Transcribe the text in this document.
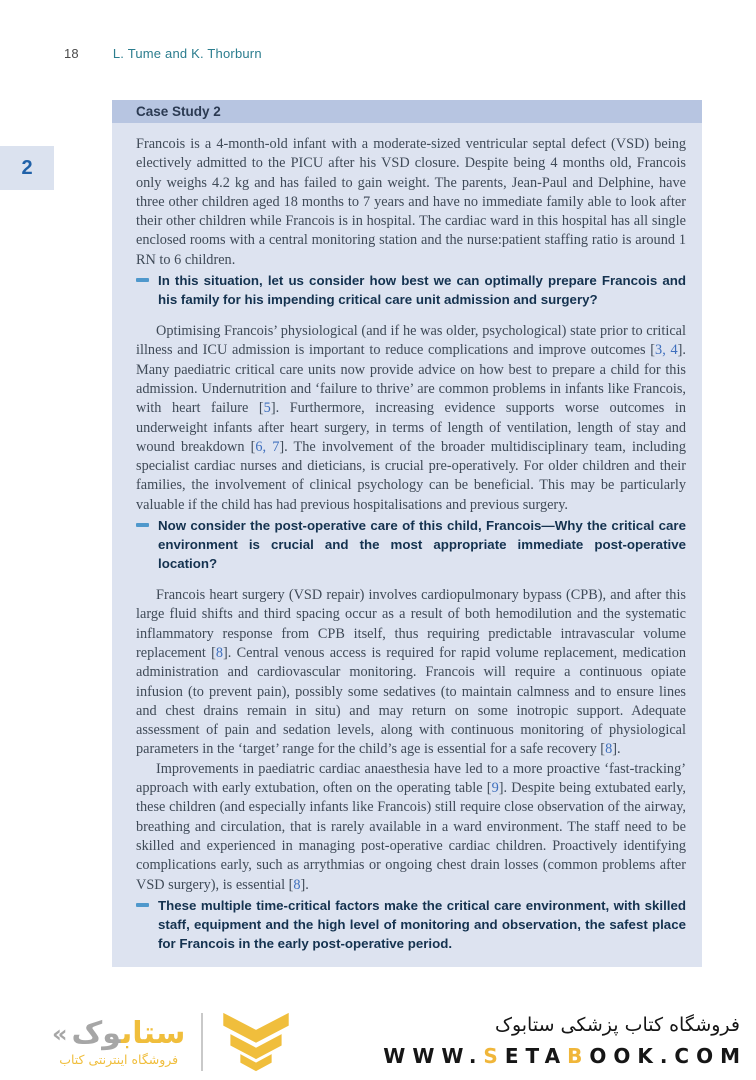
18	L. Tume and K. Thorburn
2
Case Study 2

Francois is a 4-month-old infant with a moderate-sized ventricular septal defect (VSD) being electively admitted to the PICU after his VSD closure. Despite being 4 months old, Francois only weighs 4.2 kg and has failed to gain weight. The parents, Jean-Paul and Delphine, have three other children aged 18 months to 7 years and have no immediate family able to look after their other children while Francois is in hospital. The cardiac ward in this hospital has all single enclosed rooms with a central monitoring station and the nurse:patient staffing ratio is around 1 RN to 6 children.

In this situation, let us consider how best we can optimally prepare Francois and his family for his impending critical care unit admission and surgery?

Optimising Francois’ physiological (and if he was older, psychological) state prior to critical illness and ICU admission is important to reduce complications and improve outcomes [3, 4]. Many paediatric critical care units now provide advice on how best to prepare a child for this admission. Undernutrition and ‘failure to thrive’ are common problems in infants like Francois, with heart failure [5]. Furthermore, increasing evidence supports worse outcomes in underweight infants after heart surgery, in terms of length of ventilation, length of stay and wound breakdown [6, 7]. The involvement of the broader multidisciplinary team, including specialist cardiac nurses and dieticians, is crucial pre-operatively. For older children and their families, the involvement of clinical psychology can be beneficial. This may be particularly valuable if the child has had previous hospitalisations and previous surgery.

Now consider the post-operative care of this child, Francois—Why the critical care environment is crucial and the most appropriate immediate post-operative location?

Francois heart surgery (VSD repair) involves cardiopulmonary bypass (CPB), and after this large fluid shifts and third spacing occur as a result of both hemodilution and the systematic inflammatory response from CPB itself, thus requiring predictable intravascular volume replacement [8]. Central venous access is required for rapid volume replacement, medication administration and cardiovascular monitoring. Francois will require a continuous opiate infusion (to prevent pain), possibly some sedatives (to maintain calmness and to ensure lines and chest drains remain in situ) and may return on some inotropic support. Adequate assessment of pain and sedation levels, along with continuous monitoring of physiological parameters in the ‘target’ range for the child’s age is essential for a safe recovery [8].

Improvements in paediatric cardiac anaesthesia have led to a more proactive ‘fast-tracking’ approach with early extubation, often on the operating table [9]. Despite being extubated early, these children (and especially infants like Francois) still require close observation of the airway, breathing and circulation, that is rarely available in a ward environment. The staff need to be skilled and experienced in managing post-operative cardiac children. Proactively identifying complications early, such as arrythmias or ongoing chest drain losses (common problems after VSD surgery), is essential [8].

These multiple time-critical factors make the critical care environment, with skilled staff, equipment and the high level of monitoring and observation, the safest place for Francois in the early post-operative period.
«	ستابوک
فروشگاه اینترنتی کتاب
فروشگاه کتاب پزشکی ستابوک
WWW.SETABOOK.COM
